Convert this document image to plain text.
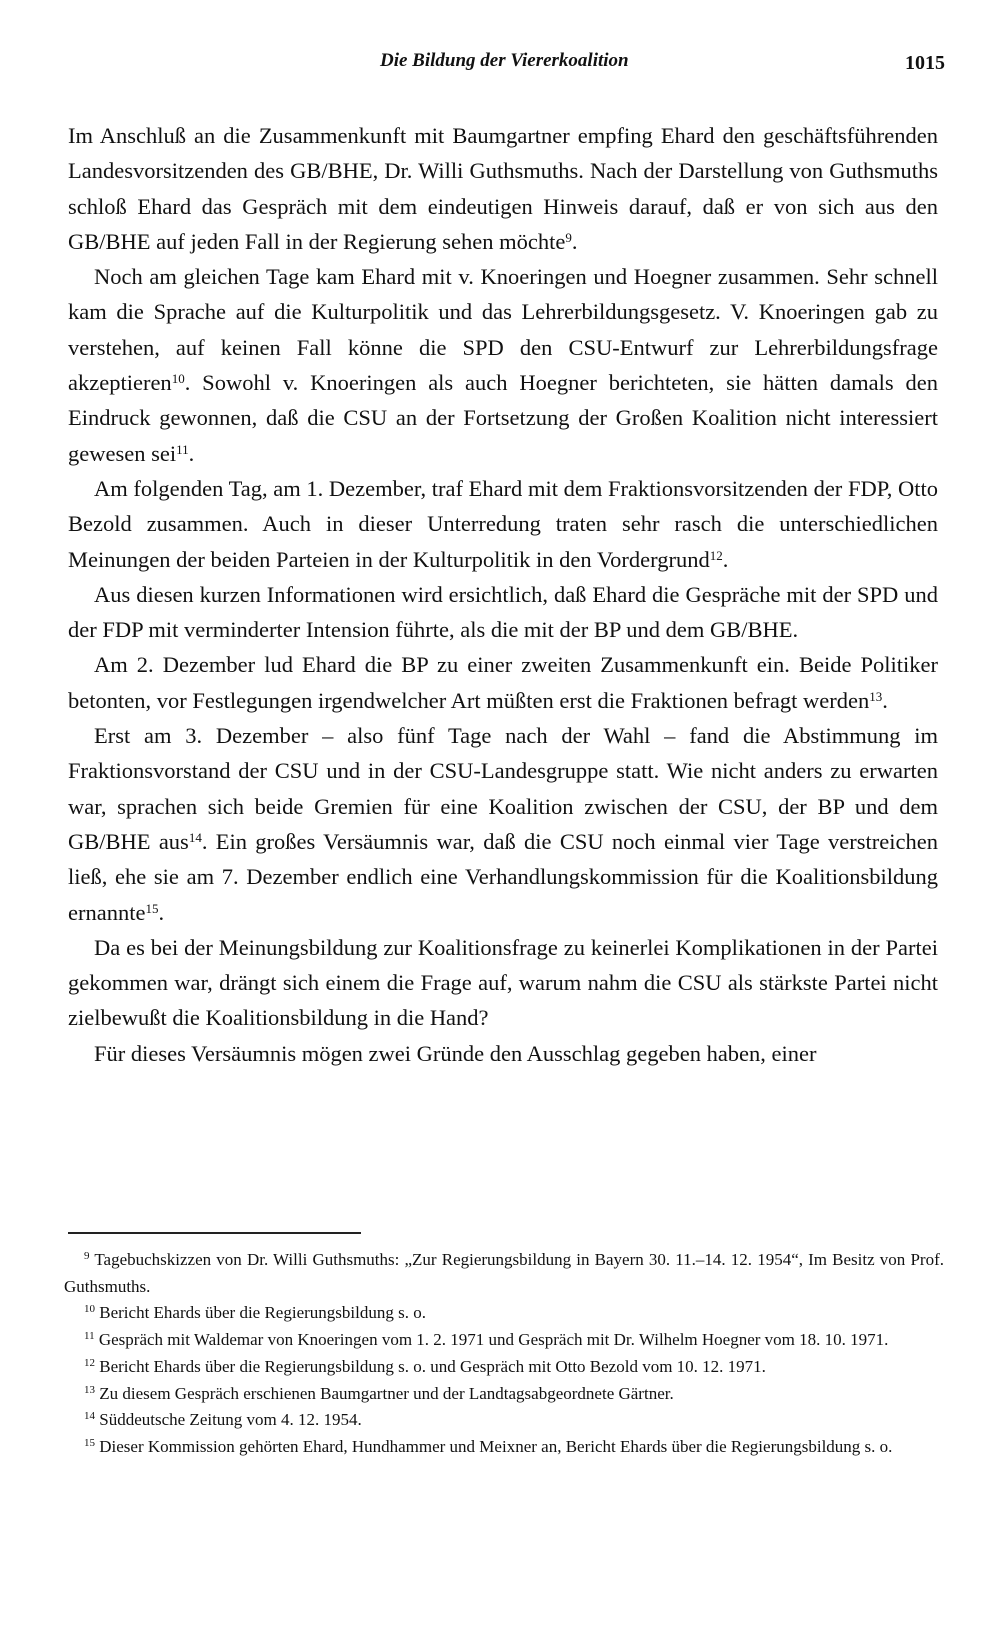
Die Bildung der Viererkoalition	1015

Im Anschluß an die Zusammenkunft mit Baumgartner empfing Ehard den geschäftsführenden Landesvorsitzenden des GB/BHE, Dr. Willi Guthsmuths. Nach der Darstellung von Guthsmuths schloß Ehard das Gespräch mit dem eindeutigen Hinweis darauf, daß er von sich aus den GB/BHE auf jeden Fall in der Regierung sehen möchte$^9$.

Noch am gleichen Tage kam Ehard mit v. Knoeringen und Hoegner zusammen. Sehr schnell kam die Sprache auf die Kulturpolitik und das Lehrerbildungsgesetz. V. Knoeringen gab zu verstehen, auf keinen Fall könne die SPD den CSU-Entwurf zur Lehrerbildungsfrage akzeptieren$^{10}$. Sowohl v. Knoeringen als auch Hoegner berichteten, sie hätten damals den Eindruck gewonnen, daß die CSU an der Fortsetzung der Großen Koalition nicht interessiert gewesen sei$^{11}$.

Am folgenden Tag, am 1. Dezember, traf Ehard mit dem Fraktionsvorsitzenden der FDP, Otto Bezold zusammen. Auch in dieser Unterredung traten sehr rasch die unterschiedlichen Meinungen der beiden Parteien in der Kulturpolitik in den Vordergrund$^{12}$.

Aus diesen kurzen Informationen wird ersichtlich, daß Ehard die Gespräche mit der SPD und der FDP mit verminderter Intension führte, als die mit der BP und dem GB/BHE.

Am 2. Dezember lud Ehard die BP zu einer zweiten Zusammenkunft ein. Beide Politiker betonten, vor Festlegungen irgendwelcher Art müßten erst die Fraktionen befragt werden$^{13}$.

Erst am 3. Dezember – also fünf Tage nach der Wahl – fand die Abstimmung im Fraktionsvorstand der CSU und in der CSU-Landesgruppe statt. Wie nicht anders zu erwarten war, sprachen sich beide Gremien für eine Koalition zwischen der CSU, der BP und dem GB/BHE aus$^{14}$. Ein großes Versäumnis war, daß die CSU noch einmal vier Tage verstreichen ließ, ehe sie am 7. Dezember endlich eine Verhandlungskommission für die Koalitionsbildung ernannte$^{15}$.

Da es bei der Meinungsbildung zur Koalitionsfrage zu keinerlei Komplikationen in der Partei gekommen war, drängt sich einem die Frage auf, warum nahm die CSU als stärkste Partei nicht zielbewußt die Koalitionsbildung in die Hand?

Für dieses Versäumnis mögen zwei Gründe den Ausschlag gegeben haben, einer

$^9$ Tagebuchskizzen von Dr. Willi Guthsmuths: „Zur Regierungsbildung in Bayern 30. 11.–14. 12. 1954“, Im Besitz von Prof. Guthsmuths.

$^{10}$ Bericht Ehards über die Regierungsbildung s. o.

$^{11}$ Gespräch mit Waldemar von Knoeringen vom 1. 2. 1971 und Gespräch mit Dr. Wilhelm Hoegner vom 18. 10. 1971.

$^{12}$ Bericht Ehards über die Regierungsbildung s. o. und Gespräch mit Otto Bezold vom 10. 12. 1971.

$^{13}$ Zu diesem Gespräch erschienen Baumgartner und der Landtagsabgeordnete Gärtner.

$^{14}$ Süddeutsche Zeitung vom 4. 12. 1954.

$^{15}$ Dieser Kommission gehörten Ehard, Hundhammer und Meixner an, Bericht Ehards über die Regierungsbildung s. o.
